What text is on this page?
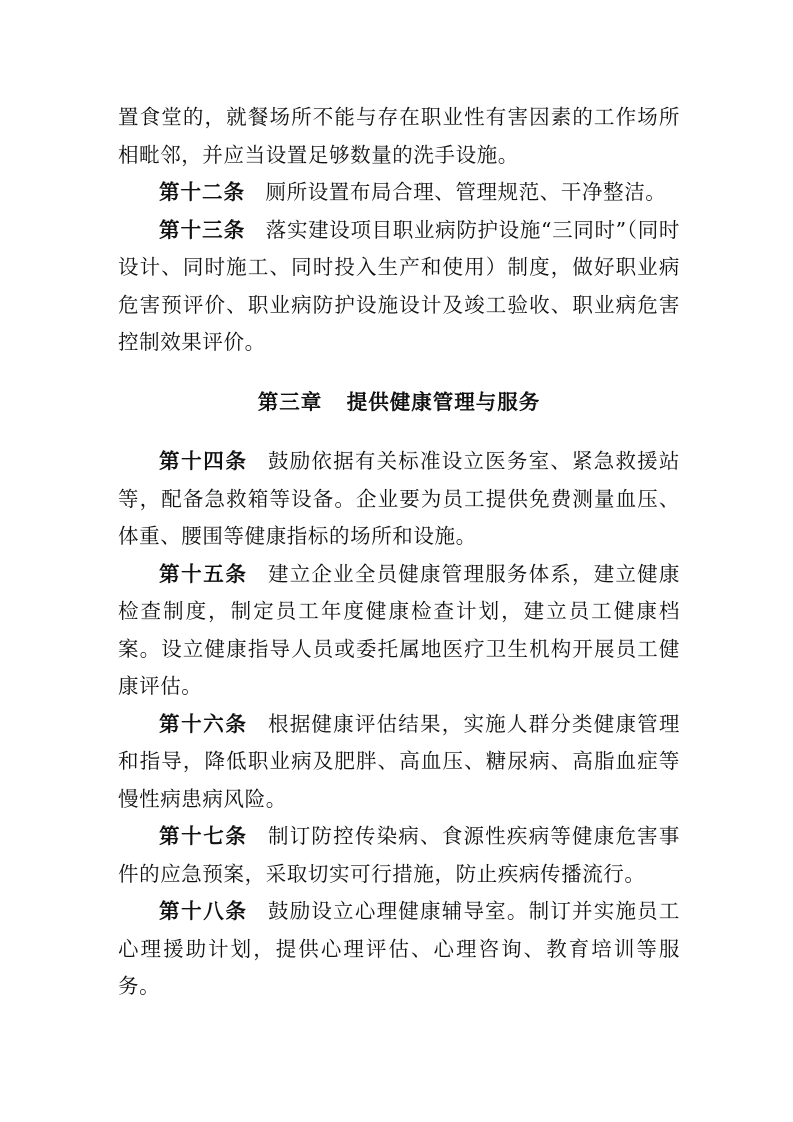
置食堂的，就餐场所不能与存在职业性有害因素的工作场所相毗邻，并应当设置足够数量的洗手设施。

第十二条 厕所设置布局合理、管理规范、干净整洁。

第十三条 落实建设项目职业病防护设施“三同时”（同时设计、同时施工、同时投入生产和使用）制度，做好职业病危害预评价、职业病防护设施设计及竣工验收、职业病危害控制效果评价。

第三章 提供健康管理与服务

第十四条 鼓励依据有关标准设立医务室、紧急救援站等，配备急救箱等设备。企业要为员工提供免费测量血压、体重、腰围等健康指标的场所和设施。

第十五条 建立企业全员健康管理服务体系，建立健康检查制度，制定员工年度健康检查计划，建立员工健康档案。设立健康指导人员或委托属地医疗卫生机构开展员工健康评估。

第十六条 根据健康评估结果，实施人群分类健康管理和指导，降低职业病及肥胖、高血压、糖尿病、高脂血症等慢性病患病风险。

第十七条 制订防控传染病、食源性疾病等健康危害事件的应急预案，采取切实可行措施，防止疾病传播流行。

第十八条 鼓励设立心理健康辅导室。制订并实施员工心理援助计划，提供心理评估、心理咨询、教育培训等服务。
